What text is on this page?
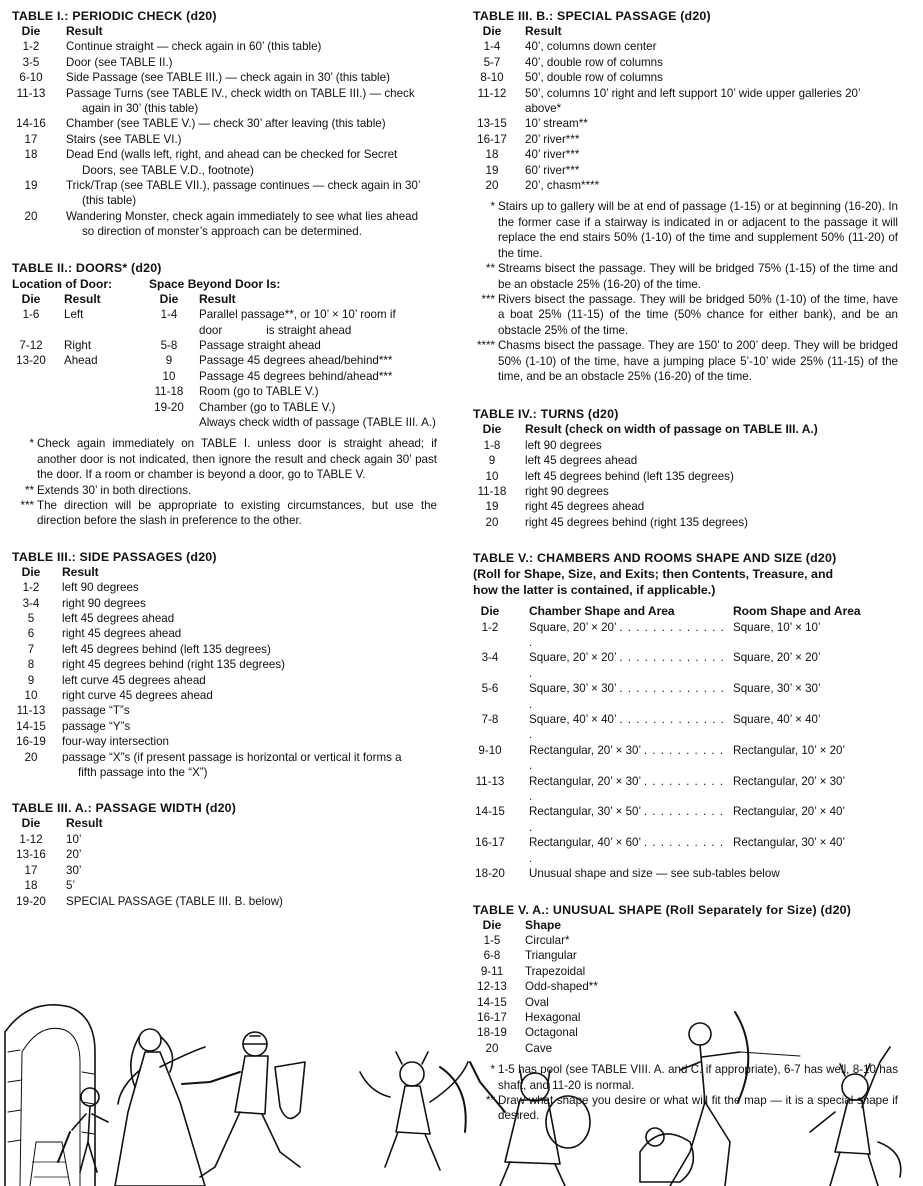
TABLE I.: PERIODIC CHECK (d20)
Die	Result
1-2	Continue straight — check again in 60’ (this table)
3-5	Door (see TABLE II.)
6-10	Side Passage (see TABLE III.) — check again in 30’ (this table)
11-13	Passage Turns (see TABLE IV., check width on TABLE III.) — check
again in 30’ (this table)

14-16	Chamber (see TABLE V.) — check 30’ after leaving (this table)
17	Stairs (see TABLE VI.)
18	Dead End (walls left, right, and ahead can be checked for Secret
Doors, see TABLE V.D., footnote)

19	Trick/Trap (see TABLE VII.), passage continues — check again in 30’
(this table)

20	Wandering Monster, check again immediately to see what lies ahead
so direction of monster’s approach can be determined.
TABLE II.: DOORS* (d20)
Location of Door:		Space Beyond Door Is:	
Die	Result	Die	Result
1-6	Left	1-4	Parallel passage**, or 10’ × 10’ room if door is straight ahead
7-12	Right	5-8	Passage straight ahead
13-20	Ahead	9	Passage 45 degrees ahead/behind***
		10	Passage 45 degrees behind/ahead***
		11-18	Room (go to TABLE V.)
		19-20	Chamber (go to TABLE V.)
			Always check width of passage (TABLE III. A.)
* Check again immediately on TABLE I. unless door is straight ahead; if another door is not indicated, then ignore the result and check again 30’ past the door. If a room or chamber is beyond a door, go to TABLE V.
** Extends 30’ in both directions.
*** The direction will be appropriate to existing circumstances, but use the direction before the slash in preference to the other.
TABLE III.: SIDE PASSAGES (d20)
Die	Result
1-2	left 90 degrees
3-4	right 90 degrees
5	left 45 degrees ahead
6	right 45 degrees ahead
7	left 45 degrees behind (left 135 degrees)
8	right 45 degrees behind (right 135 degrees)
9	left curve 45 degrees ahead
10	right curve 45 degrees ahead
11-13	passage “T”s
14-15	passage “Y”s
16-19	four-way intersection
20	passage “X”s (if present passage is horizontal or vertical it forms a
fifth passage into the “X”)
TABLE III. A.: PASSAGE WIDTH (d20)
Die	Result
1-12	10’
13-16	20’
17	30’
18	5’
19-20	SPECIAL PASSAGE (TABLE III. B. below)
TABLE III. B.: SPECIAL PASSAGE (d20)
Die	Result
1-4	40’, columns down center
5-7	40’, double row of columns
8-10	50’, double row of columns
11-12	50’, columns 10’ right and left support 10’ wide upper galleries 20’ above*
13-15	10’ stream**
16-17	20’ river***
18	40’ river***
19	60’ river***
20	20’, chasm****
* Stairs up to gallery will be at end of passage (1-15) or at beginning (16-20). In the former case if a stairway is indicated in or adjacent to the passage it will replace the end stairs 50% (1-10) of the time and supplement 50% (11-20) of the time.
** Streams bisect the passage. They will be bridged 75% (1-15) of the time and be an obstacle 25% (16-20) of the time.
*** Rivers bisect the passage. They will be bridged 50% (1-10) of the time, have a boat 25% (11-15) of the time (50% chance for either bank), and be an obstacle 25% of the time.
**** Chasms bisect the passage. They are 150’ to 200’ deep. They will be bridged 50% (1-10) of the time, have a jumping place 5’-10’ wide 25% (11-15) of the time, and be an obstacle 25% (16-20) of the time.
TABLE IV.: TURNS (d20)
Die	Result (check on width of passage on TABLE III. A.)
1-8	left 90 degrees
9	left 45 degrees ahead
10	left 45 degrees behind (left 135 degrees)
11-18	right 90 degrees
19	right 45 degrees ahead
20	right 45 degrees behind (right 135 degrees)
TABLE V.: CHAMBERS AND ROOMS SHAPE AND SIZE (d20)
(Roll for Shape, Size, and Exits; then Contents, Treasure, and
how the latter is contained, if applicable.)
Die	Chamber Shape and Area	Room Shape and Area
1-2	Square, 20’ × 20’ . . . . . . . . . . . . . .	Square, 10’ × 10’
3-4	Square, 20’ × 20’ . . . . . . . . . . . . . .	Square, 20’ × 20’
5-6	Square, 30’ × 30’ . . . . . . . . . . . . . .	Square, 30’ × 30’
7-8	Square, 40’ × 40’ . . . . . . . . . . . . . .	Square, 40’ × 40’
9-10	Rectangular, 20’ × 30’ . . . . . . . . . . .	Rectangular, 10’ × 20’
11-13	Rectangular, 20’ × 30’ . . . . . . . . . . .	Rectangular, 20’ × 30’
14-15	Rectangular, 30’ × 50’ . . . . . . . . . . .	Rectangular, 20’ × 40’
16-17	Rectangular, 40’ × 60’ . . . . . . . . . . .	Rectangular, 30’ × 40’
18-20	Unusual shape and size — see sub-tables below	
TABLE V. A.: UNUSUAL SHAPE (Roll Separately for Size) (d20)
Die	Shape
1-5	Circular*
6-8	Triangular
9-11	Trapezoidal
12-13	Odd-shaped**
14-15	Oval
16-17	Hexagonal
18-19	Octagonal
20	Cave
* 1-5 has pool (see TABLE VIII. A. and C. if appropriate), 6-7 has well, 8-10 has shaft, and 11-20 is normal.
** Draw what shape you desire or what will fit the map — it is a special shape if desired.
